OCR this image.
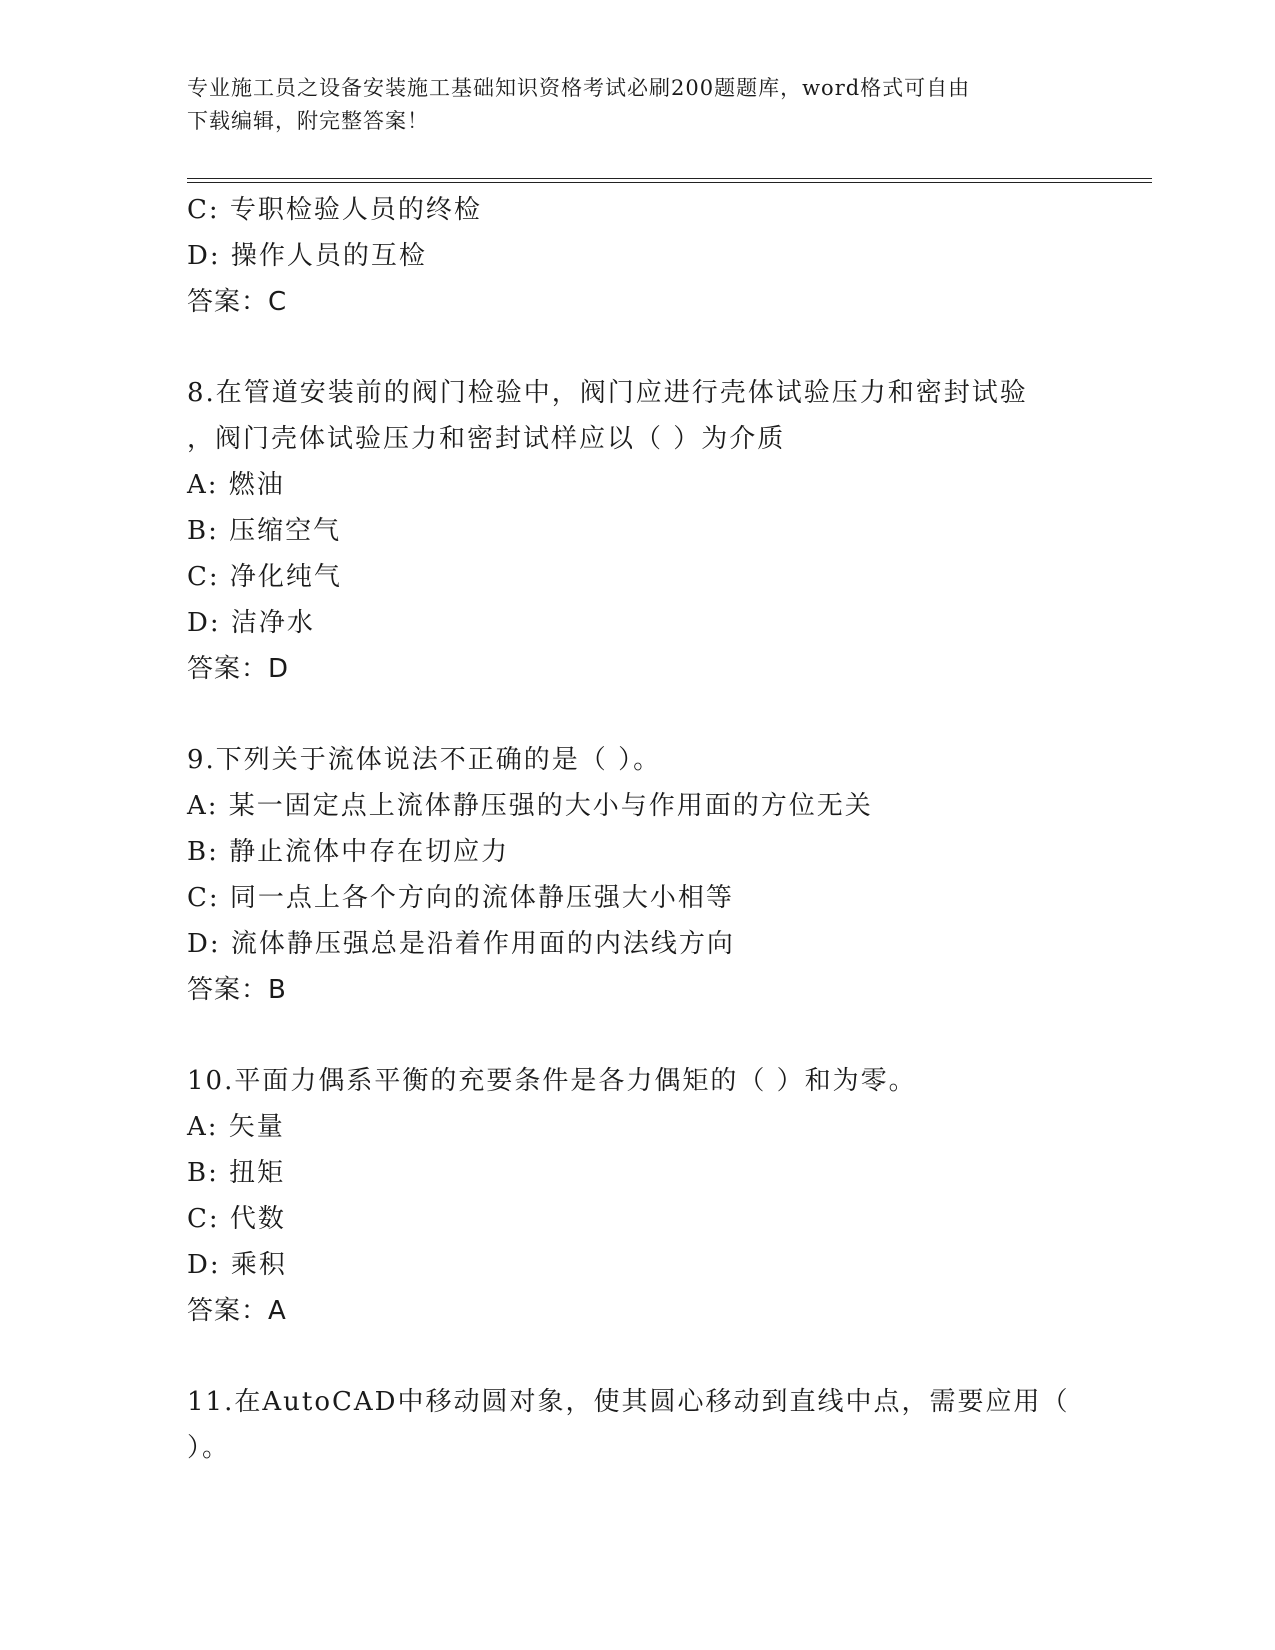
专业施工员之设备安装施工基础知识资格考试必刷200题题库，word格式可自由
下载编辑，附完整答案！
C: 专职检验人员的终检
D: 操作人员的互检
答案：C
8.在管道安装前的阀门检验中，阀门应进行壳体试验压力和密封试验
，阀门壳体试验压力和密封试样应以（ ）为介质
A: 燃油
B: 压缩空气
C: 净化纯气
D: 洁净水
答案：D
9.下列关于流体说法不正确的是（ ）。
A: 某一固定点上流体静压强的大小与作用面的方位无关
B: 静止流体中存在切应力
C: 同一点上各个方向的流体静压强大小相等
D: 流体静压强总是沿着作用面的内法线方向
答案：B
10.平面力偶系平衡的充要条件是各力偶矩的（ ）和为零。
A: 矢量
B: 扭矩
C: 代数
D: 乘积
答案：A
11.在AutoCAD中移动圆对象，使其圆心移动到直线中点，需要应用（
）。
